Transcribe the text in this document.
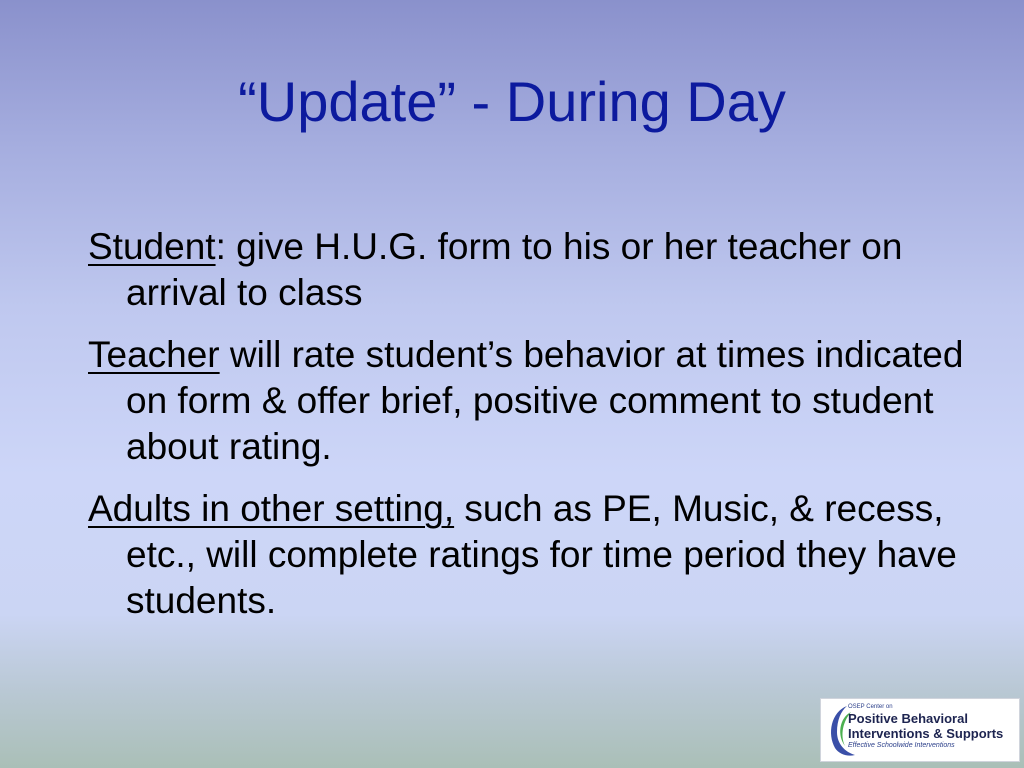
“Update” - During Day
Student: give H.U.G. form to his or her teacher on arrival to class
Teacher will rate student’s behavior at times indicated on form & offer brief, positive comment to student about rating.
Adults in other setting, such as PE, Music, & recess, etc., will complete ratings for time period they have students.
OSEP Center on
Positive Behavioral
Interventions & Supports
Effective Schoolwide Interventions
